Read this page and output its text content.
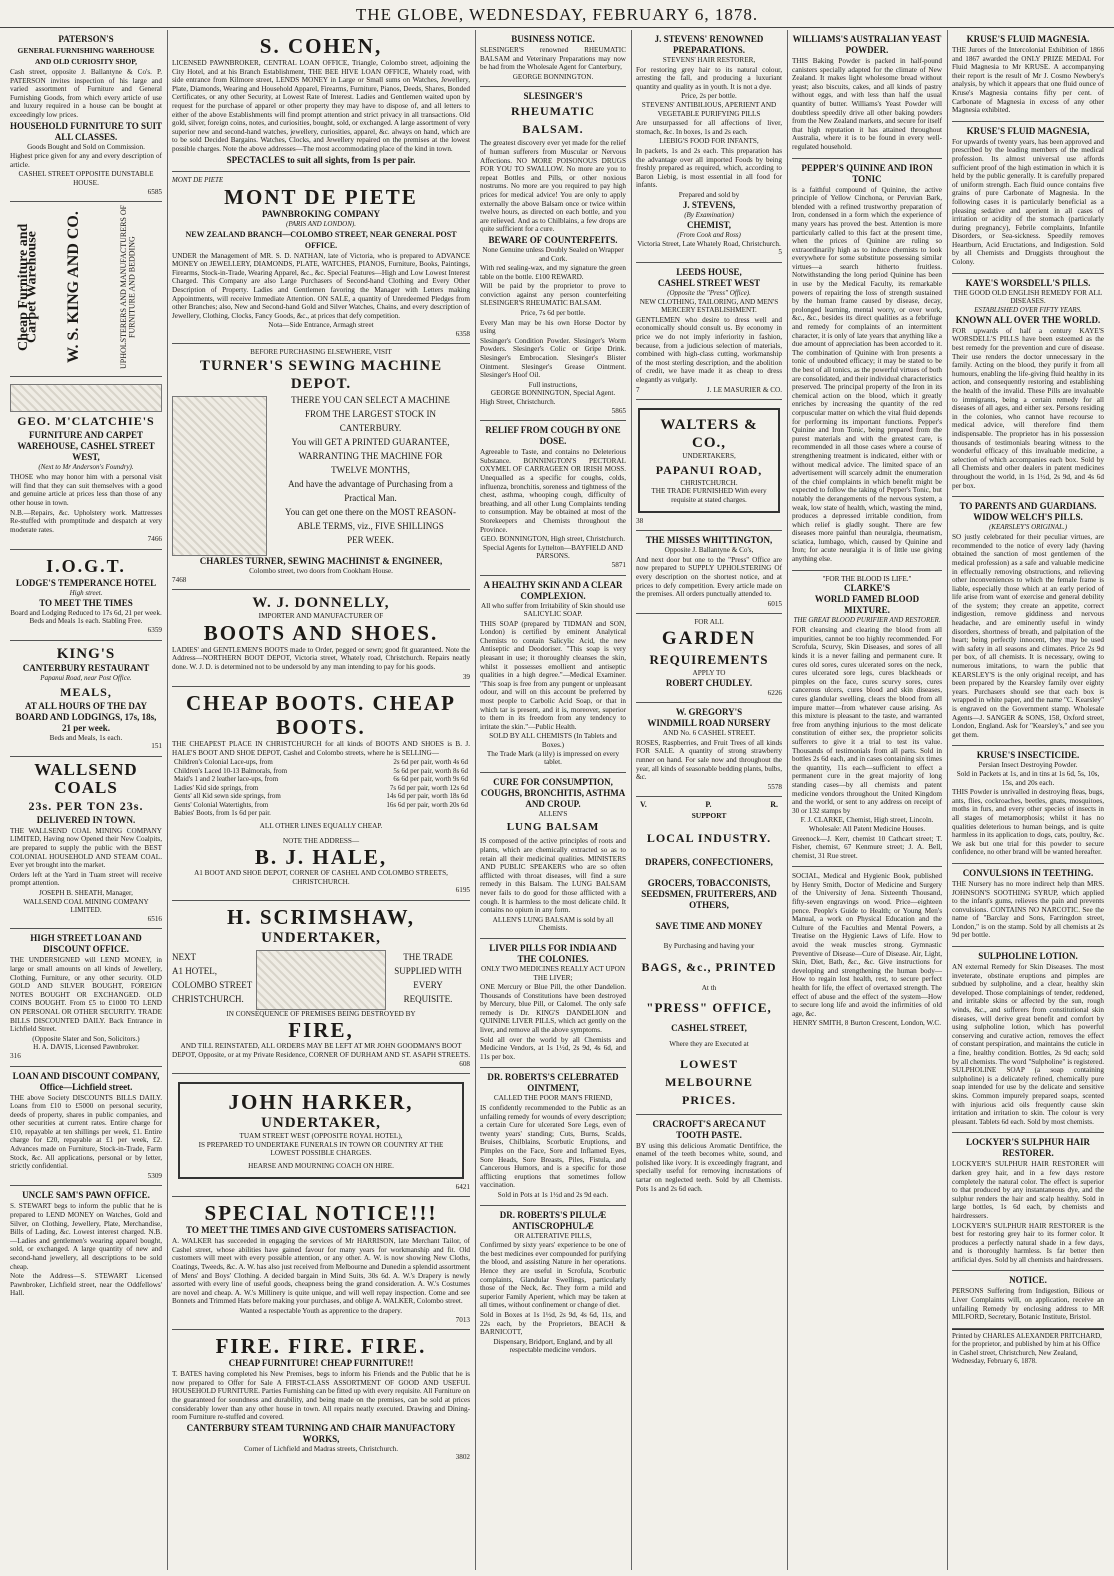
THE GLOBE, WEDNESDAY, FEBRUARY 6, 1878.
PATERSON'S
GENERAL FURNISHING WAREHOUSE AND OLD CURIOSITY SHOP,

Cash street, opposite J. Ballantyne & Co's. P. PATERSON invites inspection of his large and varied assortment of Furniture and General Furnishing Goods, from which every article of use and luxury required in a house can be bought at exceedingly low prices.

HOUSEHOLD FURNITURE TO SUIT ALL CLASSES.
Goods Bought and Sold on Commission.

Highest price given for any and every description of article.

CASHEL STREET OPPOSITE DUNSTABLE HOUSE.
6585
Cheap Furniture and Carpet Warehouse W. S. KING AND CO.	UPHOLSTERERS AND MANUFACTURERS OF FURNITURE AND BEDDING
GEO. M'CLATCHIE'S
FURNITURE AND CARPET WAREHOUSE, CASHEL STREET WEST,
(Next to Mr Anderson's Foundry).

THOSE who may honor him with a personal visit will find that they can suit themselves with a good and genuine article at prices less than those of any other house in town.

N.B.—Repairs, &c. Upholstery work. Mattresses Re-stuffed with promptitude and despatch at very moderate rates.

7466
I.O.G.T.
LODGE'S TEMPERANCE HOTEL
High street.
TO MEET THE TIMES
Board and Lodging Reduced to 17s 6d, 21 per week.
Beds and Meals 1s each. Stabling Free.
6359
KING'S
CANTERBURY RESTAURANT
Papanui Road, near Post Office.
MEALS,
AT ALL HOURS OF THE DAY
BOARD AND LODGINGS, 17s, 18s, 21 per week.
Beds and Meals, 1s each.
151
WALLSEND COALS
23s. PER TON 23s.
DELIVERED IN TOWN.

THE WALLSEND COAL MINING COMPANY LIMITED, Having now Opened their New Coalpits, are prepared to supply the public with the BEST COLONIAL HOUSEHOLD AND STEAM COAL. Ever yet brought into the market.

Orders left at the Yard in Tuam street will receive prompt attention.

JOSEPH B. SHEATH, Manager,
WALLSEND COAL MINING COMPANY LIMITED.
6516
HIGH STREET LOAN AND DISCOUNT OFFICE.

THE UNDERSIGNED will LEND MONEY, in large or small amounts on all kinds of Jewellery, Clothing, Furniture, or any other security. OLD GOLD AND SILVER BOUGHT, FOREIGN NOTES BOUGHT OR EXCHANGED. OLD COINS BOUGHT. From £5 to £1000 TO LEND ON PERSONAL OR OTHER SECURITY. TRADE BILLS DISCOUNTED DAILY. Back Entrance in Lichfield Street.

(Opposite Slater and Son, Solicitors.)
H. A. DAVIS, Licensed Pawnbroker.
316
LOAN AND DISCOUNT COMPANY, Office—Lichfield street.

THE above Society DISCOUNTS BILLS DAILY. Loans from £10 to £5000 on personal security, deeds of property, shares in public companies, and other securities at current rates. Entire charge for £10, repayable at ten shillings per week, £1. Entire charge for £20, repayable at £1 per week, £2. Advances made on Furniture, Stock-in-Trade, Farm Stock, &c. All applications, personal or by letter, strictly confidential.

5309
UNCLE SAM'S PAWN OFFICE.

S. STEWART begs to inform the public that he is prepared to LEND MONEY on Watches, Gold and Silver, on Clothing, Jewellery, Plate, Merchandise, Bills of Lading, &c. Lowest interest charged. N.B.—Ladies and gentlemen's wearing apparel bought, sold, or exchanged. A large quantity of new and second-hand jewellery, all descriptions to be sold cheap.

Note the Address—S. STEWART Licensed Pawnbroker, Lichfield street, near the Oddfellows' Hall.

S. COHEN,

LICENSED PAWNBROKER, CENTRAL LOAN OFFICE, Triangle, Colombo street, adjoining the City Hotel, and at his Branch Establishment, THE BEE HIVE LOAN OFFICE, Whately road, with side entrance from Kilmore street, LENDS MONEY in Large or Small sums on Watches, Jewellery, Plate, Diamonds, Wearing and Household Apparel, Firearms, Furniture, Pianos, Deeds, Shares, Bonded Certificates, or any other Security, at Lowest Rate of Interest. Ladies and Gentlemen waited upon by request for the purchase of apparel or other property they may have to dispose of, and all letters to either of the above Establishments will find prompt attention and strict privacy in all transactions. Old gold, silver, foreign coins, notes, and curiosities, bought, sold, or exchanged. A large assortment of very superior new and second-hand watches, jewellery, curiosities, apparel, &c. always on hand, which are to be sold Decided Bargains. Watches, Clocks, and Jewellery repaired on the premises at the lowest possible charges. Note the above addresses—The most accommodating place of the kind in town.

SPECTACLES to suit all sights, from 1s per pair.
MONT DE PIETE
MONT DE PIETE
PAWNBROKING COMPANY
(PARIS AND LONDON).
NEW ZEALAND BRANCH—COLOMBO STREET, NEAR GENERAL POST OFFICE.

UNDER the Management of MR. S. D. NATHAN, late of Victoria, who is prepared to ADVANCE MONEY on JEWELLERY, DIAMONDS, PLATE, WATCHES, PIANOS, Furniture, Books, Paintings, Firearms, Stock-in-Trade, Wearing Apparel, &c., &c. Special Features—High and Low Lowest Interest Charged. This Company are also Large Purchasers of Second-hand Clothing and Every Other Description of Property. Ladies and Gentlemen favoring the Manager with Letters making Appointments, will receive Immediate Attention. ON SALE, a quantity of Unredeemed Pledges from other Branches; also, New and Second-hand Gold and Silver Watches, Chains, and every description of Jewellery, Clothing, Clocks, Fancy Goods, &c., at prices that defy competition.

Nota—Side Entrance, Armagh street
6358
BEFORE PURCHASING ELSEWHERE, VISIT
TURNER'S SEWING MACHINE DEPOT.
THERE YOU CAN SELECT A MACHINE
FROM THE LARGEST STOCK IN
CANTERBURY.
You will GET A PRINTED GUARANTEE,
WARRANTING THE MACHINE FOR
TWELVE MONTHS,
And have the advantage of Purchasing from a
Practical Man.
You can get one there on the MOST REASON-
ABLE TERMS, viz., FIVE SHILLINGS
PER WEEK.
CHARLES TURNER, SEWING MACHINIST & ENGINEER,
Colombo street, two doors from Cookham House.
7468
W. J. DONNELLY,
IMPORTER AND MANUFACTURER OF
BOOTS AND SHOES.

LADIES' and GENTLEMEN'S BOOTS made to Order, pegged or sewn; good fit guaranteed. Note the Address—NORTHERN BOOT DEPOT, Victoria street, Whately road, Christchurch. Repairs neatly done. W. J. D. is determined not to be undersold by any man intending to pay for his goods.

39
CHEAP BOOTS. CHEAP BOOTS.

THE CHEAPEST PLACE IN CHRISTCHURCH for all kinds of BOOTS AND SHOES is B. J. HALE'S BOOT AND SHOE DEPOT, Cashel and Colombo streets, where he is SELLING—

Children's Colonial Lace-ups, from	2s 6d per pair, worth 4s 6d
Children's Laced 10-13 Balmorals, from	5s 6d per pair, worth 8s 6d
Maid's 1 and 2 leather lace-ups, from	6s 6d per pair, worth 9s 6d
Ladies' Kid side springs, from	7s 6d per pair, worth 12s 6d
Gents' all Kid sewn side springs, from	14s 6d per pair, worth 18s 6d
Gents' Colonial Watertights, from	16s 6d per pair, worth 20s 6d
Babies' Boots, from 1s 6d per pair.	
ALL OTHER LINES EQUALLY CHEAP.
NOTE THE ADDRESS—
B. J. HALE,
A1 BOOT AND SHOE DEPOT, CORNER OF CASHEL AND COLOMBO STREETS, CHRISTCHURCH.
6195
H. SCRIMSHAW,
UNDERTAKER,
NEXT
A1 HOTEL,
COLOMBO STREET
CHRISTCHURCH.
THE TRADE
SUPPLIED WITH
EVERY
REQUISITE.
IN CONSEQUENCE OF PREMISES BEING DESTROYED BY
FIRE,
AND TILL REINSTATED, ALL ORDERS MAY BE LEFT AT MR JOHN GOODMAN'S BOOT DEPOT, Opposite, or at my Private Residence, CORNER OF DURHAM AND ST. ASAPH STREETS.
608
JOHN HARKER,
UNDERTAKER,
TUAM STREET WEST (OPPOSITE ROYAL HOTEL),
IS PREPARED TO UNDERTAKE FUNERALS IN TOWN OR COUNTRY AT THE LOWEST POSSIBLE CHARGES.
HEARSE AND MOURNING COACH ON HIRE.
6421
SPECIAL NOTICE!!!
TO MEET THE TIMES AND GIVE CUSTOMERS SATISFACTION.

A. WALKER has succeeded in engaging the services of Mr HARRISON, late Merchant Tailor, of Cashel street, whose abilities have gained favour for many years for workmanship and fit. Old customers will meet with every possible attention, or any other. A. W. is now showing New Cloths, Coatings, Tweeds, &c. A. W. has also just received from Melbourne and Dunedin a splendid assortment of Mens' and Boys' Clothing. A decided bargain in Mind Suits, 30s 6d. A. W.'s Drapery is newly assorted with every line of useful goods, cheapness being the grand consideration. A. W.'s Costumes are novel and cheap. A. W.'s Millinery is quite unique, and will well repay inspection. Come and see Bonnets and Trimmed Hats before making your purchases, and oblige A. WALKER, Colombo street.

Wanted a respectable Youth as apprentice to the drapery.
7013
FIRE. FIRE. FIRE.
CHEAP FURNITURE! CHEAP FURNITURE!!

T. BATES having completed his New Premises, begs to inform his Friends and the Public that he is now prepared to Offer for Sale A FIRST-CLASS ASSORTMENT OF GOOD AND USEFUL HOUSEHOLD FURNITURE. Parties Furnishing can be fitted up with every requisite. All Furniture on the guaranteed for soundness and durability, and being made on the premises, can be sold at prices considerably lower than any other house in town. All repairs neatly executed. Drawing and Dining-room Furniture re-stuffed and covered.

CANTERBURY STEAM TURNING AND CHAIR MANUFACTORY WORKS,
Corner of Lichfield and Madras streets, Christchurch.
3802
BUSINESS NOTICE.

SLESINGER'S renowned RHEUMATIC BALSAM and Veterinary Preparations may now be had from the Wholesale Agent for Canterbury,

GEORGE BONNINGTON.
SLESINGER'S
RHEUMATIC BALSAM.

The greatest discovery ever yet made for the relief of human sufferers from Muscular or Nervous Affections. NO MORE POISONOUS DRUGS FOR YOU TO SWALLOW. No more are you to repeat Bottles and Pills, or other noxious nostrums. No more are you required to pay high prices for medical advice! You are only to apply externally the above Balsam once or twice within twelve hours, as directed on each bottle, and you are relieved. And as to Chilblains, a few drops are quite sufficient for a cure.

BEWARE OF COUNTERFEITS.
None Genuine unless Doubly Sealed on Wrapper and Cork.

With red sealing-wax, and my signature the green table on the bottle. £100 REWARD.

Will be paid by the proprietor to prove to conviction against any person counterfeiting SLESINGER'S RHEUMATIC BALSAM.

Price, 7s 6d per bottle.

Every Man may be his own Horse Doctor by using

Slesinger's Condition Powder. Slesinger's Worm Powders. Slesinger's Colic or Gripe Drink. Slesinger's Embrocation. Slesinger's Blister Ointment. Slesinger's Grease Ointment. Slesinger's Hoof Oil.

Full instructions,
GEORGE BONNINGTON, Special Agent.
High Street, Christchurch.
5865
RELIEF FROM COUGH BY ONE DOSE.

Agreeable to Taste, and contains no Deleterious Substance. BONNINGTON'S PECTORAL OXYMEL OF CARRAGEEN OR IRISH MOSS. Unequalled as a specific for coughs, colds, influenza, bronchitis, soreness and tightness of the chest, asthma, whooping cough, difficulty of breathing, and all other Lung Complaints tending to consumption. May be obtained at most of the Storekeepers and Chemists throughout the Province.

GEO. BONNINGTON, High street, Christchurch.
Special Agents for Lyttelton—BAYFIELD AND PARSONS.
5871
A HEALTHY SKIN AND A CLEAR COMPLEXION.
All who suffer from Irritability of Skin should use SALICYLIC SOAP.

THIS SOAP (prepared by TIDMAN and SON, London) is certified by eminent Analytical Chemists to contain Salicylic Acid, the new Antiseptic and Deodoriser. "This soap is very pleasant in use; it thoroughly cleanses the skin, whilst it possesses emollient and antiseptic qualities in a high degree."—Medical Examiner. "This soap is free from any pungent or unpleasant odour, and will on this account be preferred by most people to Carbolic Acid Soap, or that in which tar is present, and it is, moreover, superior to them in its freedom from any tendency to irritate the skin."—Public Health.

SOLD BY ALL CHEMISTS (In Tablets and Boxes.)
The Trade Mark (a lily) is impressed on every tablet.
CURE FOR CONSUMPTION, COUGHS, BRONCHITIS, ASTHMA AND CROUP.
ALLEN'S
LUNG BALSAM

IS composed of the active principles of roots and plants, which are chemically extracted so as to retain all their medicinal qualities. MINISTERS AND PUBLIC SPEAKERS who are so often afflicted with throat diseases, will find a sure remedy in this Balsam. The LUNG BALSAM never fails to do good for those afflicted with a cough. It is harmless to the most delicate child. It contains no opium in any form.

ALLEN'S LUNG BALSAM is sold by all Chemists.
LIVER PILLS FOR INDIA AND THE COLONIES.
ONLY TWO MEDICINES REALLY ACT UPON THE LIVER;

ONE Mercury or Blue Pill, the other Dandelion. Thousands of Constitutions have been destroyed by Mercury, blue Pill, or Calomel. The only safe remedy is Dr. KING'S DANDELION and QUININE LIVER PILLS, which act gently on the liver, and remove all the above symptoms.

Sold all over the world by all Chemists and Medicine Vendors, at 1s 1½d, 2s 9d, 4s 6d, and 11s per box.

DR. ROBERTS'S CELEBRATED OINTMENT,
CALLED THE POOR MAN'S FRIEND,

IS confidently recommended to the Public as an unfailing remedy for wounds of every description; a certain Cure for ulcerated Sore Legs, even of twenty years' standing; Cuts, Burns, Scalds, Bruises, Chilblains, Scorbutic Eruptions, and Pimples on the Face, Sore and Inflamed Eyes, Sore Heads, Sore Breasts, Piles, Fistula, and Cancerous Humors, and is a specific for those afflicting eruptions that sometimes follow vaccination.

Sold in Pots at 1s 1½d and 2s 9d each.
DR. ROBERTS'S PILULÆ ANTISCROPHULÆ
OR ALTERATIVE PILLS,

Confirmed by sixty years' experience to be one of the best medicines ever compounded for purifying the blood, and assisting Nature in her operations. Hence they are useful in Scrofula, Scorbutic complaints, Glandular Swellings, particularly those of the Neck, &c. They form a mild and superior Family Aperient, which may be taken at all times, without confinement or change of diet.

Sold in Boxes at 1s 1½d, 2s 9d, 4s 6d, 11s, and 22s each, by the Proprietors, BEACH & BARNICOTT,

Dispensary, Bridport, England, and by all respectable medicine vendors.
J. STEVENS' RENOWNED PREPARATIONS.
STEVENS' HAIR RESTORER,

For restoring grey hair to its natural colour, arresting the fall, and producing a luxuriant quantity and quality as in youth. It is not a dye.

Price, 2s per bottle.
STEVENS' ANTIBILIOUS, APERIENT AND VEGETABLE PURIFYING PILLS

Are unsurpassed for all affections of liver, stomach, &c. In boxes, 1s and 2s each.

LIEBIG'S FOOD FOR INFANTS,

In packets, 1s and 2s each. This preparation has the advantage over all imported Foods by being freshly prepared as required, which, according to Baron Liebig, is most essential in all food for infants.

Prepared and sold by
J. STEVENS,
(By Examination)
CHEMIST,
(From Cook and Ross)
Victoria Street, Late Whately Road, Christchurch.
5
LEEDS HOUSE,
CASHEL STREET WEST
(Opposite the "Press" Office).
NEW CLOTHING, TAILORING, AND MEN'S MERCERY ESTABLISHMENT.

GENTLEMEN who desire to dress well and economically should consult us. By economy in price we do not imply inferiority in fashion, because, from a judicious selection of materials, combined with high-class cutting, workmanship of the most sterling description, and the abolition of credit, we have made it as cheap to dress elegantly as vulgarly.

7	J. LE MASURIER & CO.
WALTERS & CO.,
UNDERTAKERS,
PAPANUI ROAD,
CHRISTCHURCH.
THE TRADE FURNISHED With every requisite at stated charges.
38
THE MISSES WHITTINGTON,
Opposite J. Ballantyne & Co's,

And next door but one to the "Press" Office are now prepared to SUPPLY UPHOLSTERING Of every description on the shortest notice, and at prices to defy competition. Every article made on the premises. All orders punctually attended to.

6015
FOR ALL
GARDEN
REQUIREMENTS
APPLY TO
ROBERT CHUDLEY.
6226
W. GREGORY'S
WINDMILL ROAD NURSERY
AND No. 6 CASHEL STREET.

ROSES, Raspberries, and Fruit Trees of all kinds FOR SALE. A quantity of strong strawberry runner on hand. For sale now and throughout the year, all kinds of seasonable bedding plants, bulbs, &c.

5578
V.	P.	R.
SUPPORT
LOCAL INDUSTRY.
DRAPERS, CONFECTIONERS,
GROCERS, TOBACCONISTS, SEEDSMEN, FRUITERERS, AND OTHERS,
SAVE TIME AND MONEY
By Purchasing and having your
BAGS, &c., PRINTED
At th
"PRESS" OFFICE,
CASHEL STREET,
Where they are Executed at
LOWEST MELBOURNE
PRICES.
CRACROFT'S ARECA NUT TOOTH PASTE.

BY using this delicious Aromatic Dentifrice, the enamel of the teeth becomes white, sound, and polished like ivory. It is exceedingly fragrant, and specially useful for removing incrustations of tartar on neglected teeth. Sold by all Chemists. Pots 1s and 2s 6d each.

WILLIAMS'S AUSTRALIAN YEAST POWDER.

THIS Baking Powder is packed in half-pound canisters specially adapted for the climate of New Zealand. It makes light wholesome bread without yeast; also biscuits, cakes, and all kinds of pastry without eggs, and with less than half the usual quantity of butter. Williams's Yeast Powder will doubtless speedily drive all other baking powders from the New Zealand markets, and secure for itself that high reputation it has attained throughout Australia, where it is to be found in every well-regulated household.

PEPPER'S QUININE AND IRON TONIC

is a faithful compound of Quinine, the active principle of Yellow Cinchona, or Peruvian Bark, blended with a refined trustworthy preparation of Iron, condensed in a form which the experience of many years has proved the best. Attention is more particularly called to this fact at the present time, when the prices of Quinine are ruling so extraordinarily high as to induce chemists to look everywhere for some substitute possessing similar virtues—a search hitherto fruitless. Notwithstanding the long period Quinine has been in use by the Medical Faculty, its remarkable powers of repairing the loss of strength sustained by the human frame caused by disease, decay, prolonged learning, mental worry, or over work, &c., &c., besides its direct qualities as a febrifuge and remedy for complaints of an intermittent character, it is only of late years that anything like a due amount of appreciation has been accorded to it. The combination of Quinine with Iron presents a tonic of undoubted efficacy; it may be stated to be the best of all tonics, as the powerful virtues of both are consolidated, and their individual characteristics preserved. The principal property of the Iron in its chemical action on the blood, which it greatly enriches by increasing the quantity of the red corpuscular matter on which the vital fluid depends for performing its important functions. Pepper's Quinine and Iron Tonic, being prepared from the purest materials and with the greatest care, is recommended in all those cases where a course of strengthening treatment is indicated, either with or without medical advice. The limited space of an advertisement will scarcely admit the enumeration of the chief complaints in which benefit might be expected to follow the taking of Pepper's Tonic, but notably the derangements of the nervous system, a weak, low state of health, which, wasting the mind, produces a depressed irritable condition, from which relief is gladly sought. There are few diseases more painful than neuralgia, rheumatism, sciatica, lumbago, which, caused by Quinine and Iron; for acute neuralgia it is of little use giving anything else.

"FOR THE BLOOD IS LIFE."
CLARKE'S
WORLD FAMED BLOOD MIXTURE.
THE GREAT BLOOD PURIFIER AND RESTORER.

FOR cleansing and clearing the blood from all impurities, cannot be too highly recommended. For Scrofula, Scurvy, Skin Diseases, and sores of all kinds it is a never failing and permanent cure. It cures old sores, cures ulcerated sores on the neck, cures ulcerated sore legs, cures blackheads or pimples on the face, cures scurvy sores, cures cancerous ulcers, cures blood and skin diseases, cures glandular swelling, clears the blood from all impure matter—from whatever cause arising. As this mixture is pleasant to the taste, and warranted free from anything injurious to the most delicate constitution of either sex, the proprietor solicits sufferers to give it a trial to test its value. Thousands of testimonials from all parts. Sold in bottles 2s 6d each, and in cases containing six times the quantity, 11s each—sufficient to effect a permanent cure in the great majority of long standing cases—by all chemists and patent medicine vendors throughout the United Kingdom and the world, or sent to any address on receipt of 30 or 132 stamps by

F. J. CLARKE, Chemist, High street, Lincoln.
Wholesale: All Patent Medicine Houses.

Greenock—J. Kerr, chemist 10 Cathcart street; T. Fisher, chemist, 67 Kenmure street; J. A. Bell, chemist, 31 Rue street.

SOCIAL, Medical and Hygienic Book, published by Henry Smith, Doctor of Medicine and Surgery of the University of Jena. Sixteenth Thousand, fifty-seven engravings on wood. Price—eighteen pence. People's Guide to Health; or Young Men's Manual, a work on Physical Education and the Culture of the Faculties and Mental Powers, a Treatise on the Hygienic Laws of Life. How to avoid the weak muscles strong. Gymnastic Preventive of Disease—Cure of Disease. Air, Light, Skin, Diet, Bath, &c., &c. Give instructions for developing and strengthening the human body—How to regain lost health, rest, to secure perfect health for life, the effect of overtaxed strength. The effect of abuse and the effect of the system—How to secure long life and avoid the infirmities of old age, &c.

HENRY SMITH, 8 Burton Crescent, London, W.C.
KRUSE'S FLUID MAGNESIA.

THE Jurors of the Intercolonial Exhibition of 1866 and 1867 awarded the ONLY PRIZE MEDAL For Fluid Magnesia to Mr KRUSE. A accompanying their report is the result of Mr J. Cosmo Newbery's analysis, by which it appears that one fluid ounce of Kruse's Magnesia contains fifty per cent. of Carbonate of Magnesia in excess of any other Magnesia exhibited.

KRUSE'S FLUID MAGNESIA,

For upwards of twenty years, has been approved and prescribed by the leading members of the medical profession. Its almost universal use affords sufficient proof of the high estimation in which it is held by the public generally. It is carefully prepared of uniform strength. Each fluid ounce contains five grains of pure Carbonate of Magnesia. In the following cases it is particularly beneficial as a pleasing sedative and aperient in all cases of irritation or acidity of the stomach (particularly during pregnancy), Febrile complaints, Infantile Disorders, or Sea-sickness. Speedily removes Heartburn, Acid Eructations, and Indigestion. Sold by all Chemists and Druggists throughout the Colony.

KAYE'S WORSDELL'S PILLS.
THE GOOD OLD ENGLISH REMEDY FOR ALL DISEASES.
ESTABLISHED OVER FIFTY YEARS.
KNOWN ALL OVER THE WORLD.

FOR upwards of half a century KAYE'S WORSDELL'S PILLS have been esteemed as the best remedy for the prevention and cure of disease. Their use renders the doctor unnecessary in the family. Acting on the blood, they purify it from all humours, enabling the life-giving fluid healthy in its action, and consequently restoring and establishing the health of the invalid. These Pills are invaluable to immigrants, being a certain remedy for all diseases of all ages, and either sex. Persons residing in the colonies, who cannot have recourse to medical advice, will therefore find them indispensable. The proprietor has in his possession thousands of testimonials bearing witness to the wonderful efficacy of this invaluable medicine, a selection of which accompanies each box. Sold by all Chemists and other dealers in patent medicines throughout the world, in 1s 1½d, 2s 9d, and 4s 6d per box.

TO PARENTS AND GUARDIANS.
WIDOW WELCH'S PILLS.
(KEARSLEY'S ORIGINAL.)

SO justly celebrated for their peculiar virtues, are recommended to the notice of every lady (having obtained the sanction of most gentlemen of the medical profession) as a safe and valuable medicine in effectually removing obstructions, and relieving other inconveniences to which the female frame is liable, especially those which at an early period of life arise from want of exercise and general debility of the system; they create an appetite, correct indigestion, remove giddiness and nervous headache, and are eminently useful in windy disorders, shortness of breath, and palpitation of the heart; being perfectly innocent, they may be used with safety in all seasons and climates. Price 2s 9d per box, of all chemists. It is necessary, owing to numerous imitations, to warn the public that KEARSLEY'S is the only original receipt, and has been prepared by the Kearsley family over eighty years. Purchasers should see that each box is wrapped in white paper, and the name "C. Kearsley" is engraved on the Government stamp. Wholesale Agents—J. SANGER & SONS, 158, Oxford street, London, England. Ask for "Kearsley's," and see you get them.

KRUSE'S INSECTICIDE.
Persian Insect Destroying Powder.
Sold in Packets at 1s, and in tins at 1s 6d, 5s, 10s, 15s, and 20s each.

THIS Powder is unrivalled in destroying fleas, bugs, ants, flies, cockroaches, beetles, gnats, mosquitoes, moths in furs, and every other species of insects in all stages of metamorphosis; whilst it has no qualities deleterious to human beings, and is quite harmless in its application to dogs, cats, poultry, &c. We ask but one trial for this powder to secure confidence, no other brand will be wanted hereafter.

CONVULSIONS IN TEETHING.

THE Nursery has no more indirect help than MRS. JOHNSON'S SOOTHING SYRUP, which applied to the infant's gums, relieves the pain and prevents convulsions. CONTAINS NO NARCOTIC. See the name of "Barclay and Sons, Farringdon street, London," is on the stamp. Sold by all chemists at 2s 9d per bottle.

SULPHOLINE LOTION.

AN external Remedy for Skin Diseases. The most inveterate, obstinate eruptions and pimples are subdued by sulpholine, and a clear, healthy skin developed. Those complainings of tender, reddened, and irritable skins or affected by the sun, rough winds, &c., and sufferers from constitutional skin diseases, will derive great benefit and comfort by using sulpholine lotion, which has powerful conserving and curative action, removes the effect of constant perspiration, and maintains the cuticle in a fine, healthy condition. Bottles, 2s 9d each; sold by all chemists. The word "Sulpholine" is registered. SULPHOLINE SOAP (a soap containing sulpholine) is a delicately refined, chemically pure soap intended for use by the delicate and sensitive skins. Common impurely prepared soaps, scented with injurious acid oils frequently cause skin irritation and irritation to skin. The colour is very pleasant. Tablets 6d each. Sold by most chemists.

LOCKYER'S SULPHUR HAIR RESTORER.

LOCKYER'S SULPHUR HAIR RESTORER will darken grey hair, and in a few days restore completely the natural color. The effect is superior to that produced by any instantaneous dye, and the sulphur renders the hair and scalp healthy. Sold in large bottles, 1s 6d each, by chemists and hairdressers.

LOCKYER'S SULPHUR HAIR RESTORER is the best for restoring grey hair to its former color. It produces a perfectly natural shade in a few days, and is thoroughly harmless. Is far better then artificial dyes. Sold by all chemists and hairdressers.

NOTICE.

PERSONS Suffering from Indigestion, Bilious or Liver Complaints will, on application, receive an unfailing Remedy by enclosing address to MR MILFORD, Secretary, Botanic Institute, Bristol.

Printed by CHARLES ALEXANDER PRITCHARD, for the proprietor, and published by him at his Office in Cashel street, Christchurch, New Zealand, Wednesday, February 6, 1878.
